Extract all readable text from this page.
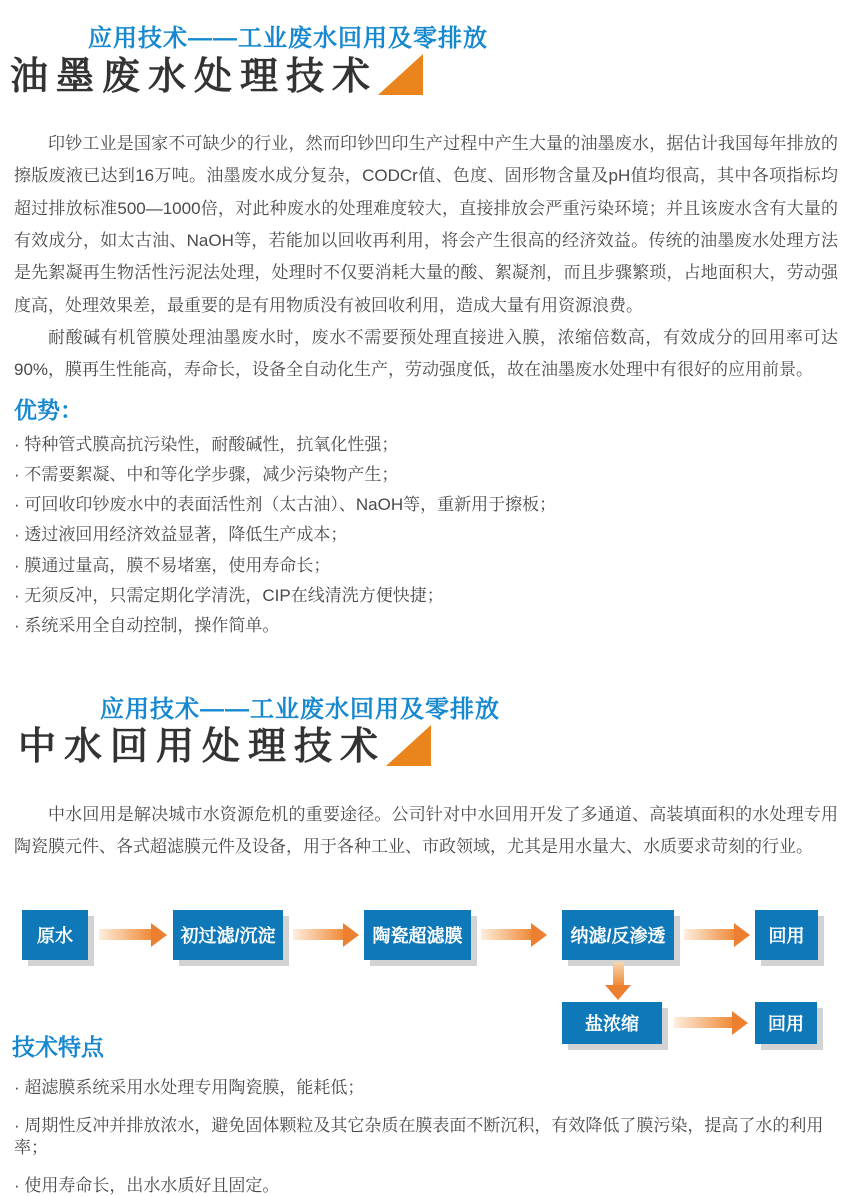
应用技术——工业废水回用及零排放
油墨废水处理技术

印钞工业是国家不可缺少的行业，然而印钞凹印生产过程中产生大量的油墨废水，据估计我国每年排放的擦版废液已达到16万吨。油墨废水成分复杂，CODCr值、色度、固形物含量及pH值均很高，其中各项指标均超过排放标准500—1000倍，对此种废水的处理难度较大，直接排放会严重污染环境；并且该废水含有大量的有效成分，如太古油、NaOH等，若能加以回收再利用，将会产生很高的经济效益。传统的油墨废水处理方法是先絮凝再生物活性污泥法处理，处理时不仅要消耗大量的酸、絮凝剂，而且步骤繁琐，占地面积大，劳动强度高，处理效果差，最重要的是有用物质没有被回收利用，造成大量有用资源浪费。

耐酸碱有机管膜处理油墨废水时，废水不需要预处理直接进入膜，浓缩倍数高，有效成分的回用率可达90%，膜再生性能高，寿命长，设备全自动化生产，劳动强度低，故在油墨废水处理中有很好的应用前景。

优势：
· 特种管式膜高抗污染性，耐酸碱性，抗氧化性强；
· 不需要絮凝、中和等化学步骤，减少污染物产生；
· 可回收印钞废水中的表面活性剂（太古油）、NaOH等，重新用于擦板；
· 透过液回用经济效益显著，降低生产成本；
· 膜通过量高，膜不易堵塞，使用寿命长；
· 无须反冲，只需定期化学清洗，CIP在线清洗方便快捷；
· 系统采用全自动控制，操作简单。
应用技术——工业废水回用及零排放
中水回用处理技术

中水回用是解决城市水资源危机的重要途径。公司针对中水回用开发了多通道、高装填面积的水处理专用陶瓷膜元件、各式超滤膜元件及设备，用于各种工业、市政领域，尤其是用水量大、水质要求苛刻的行业。

原水	初过滤/沉淀	陶瓷超滤膜	纳滤/反渗透	回用
盐浓缩	回用
技术特点
· 超滤膜系统采用水处理专用陶瓷膜，能耗低；
· 周期性反冲并排放浓水，避免固体颗粒及其它杂质在膜表面不断沉积，有效降低了膜污染，提高了水的利用率；
· 使用寿命长，出水水质好且固定。
